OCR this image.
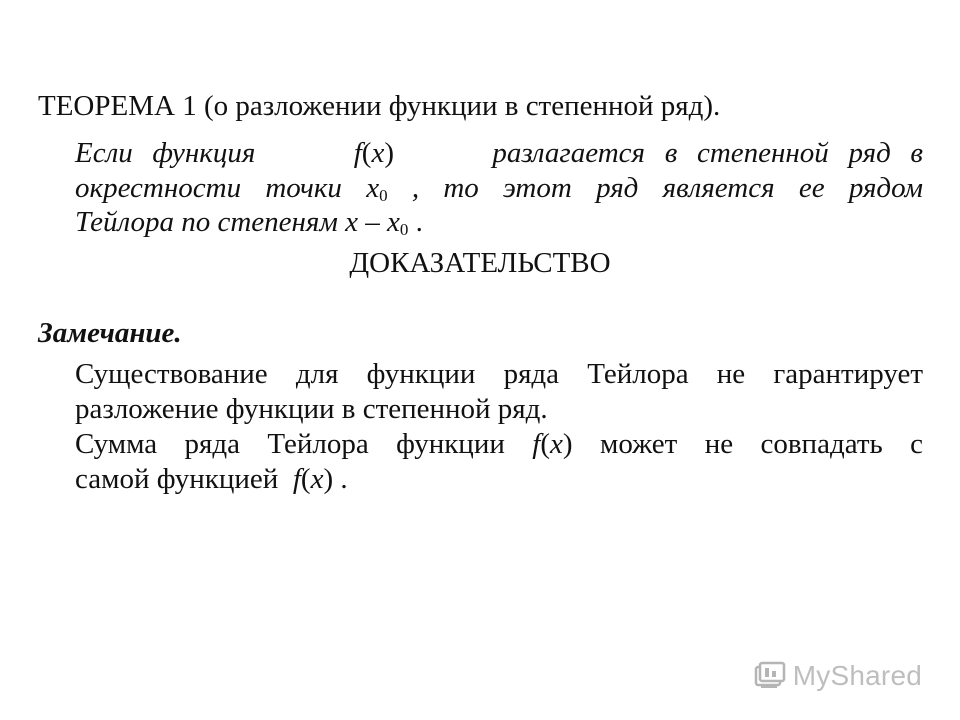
ТЕОРЕМА 1 (о разложении функции в степенной ряд).
Если функция	f(x)	разлагается в степенной ряд в
окрестности точки $x_0$ , то этот ряд является ее рядом
Тейлора по степеням x – $x_0$ .
ДОКАЗАТЕЛЬСТВО
Замечание.
Существование для функции ряда Тейлора не гарантирует
разложение функции в степенной ряд.
Сумма ряда Тейлора функции f(x) может не совпадать с
самой функцией f(x) .
MyShared
